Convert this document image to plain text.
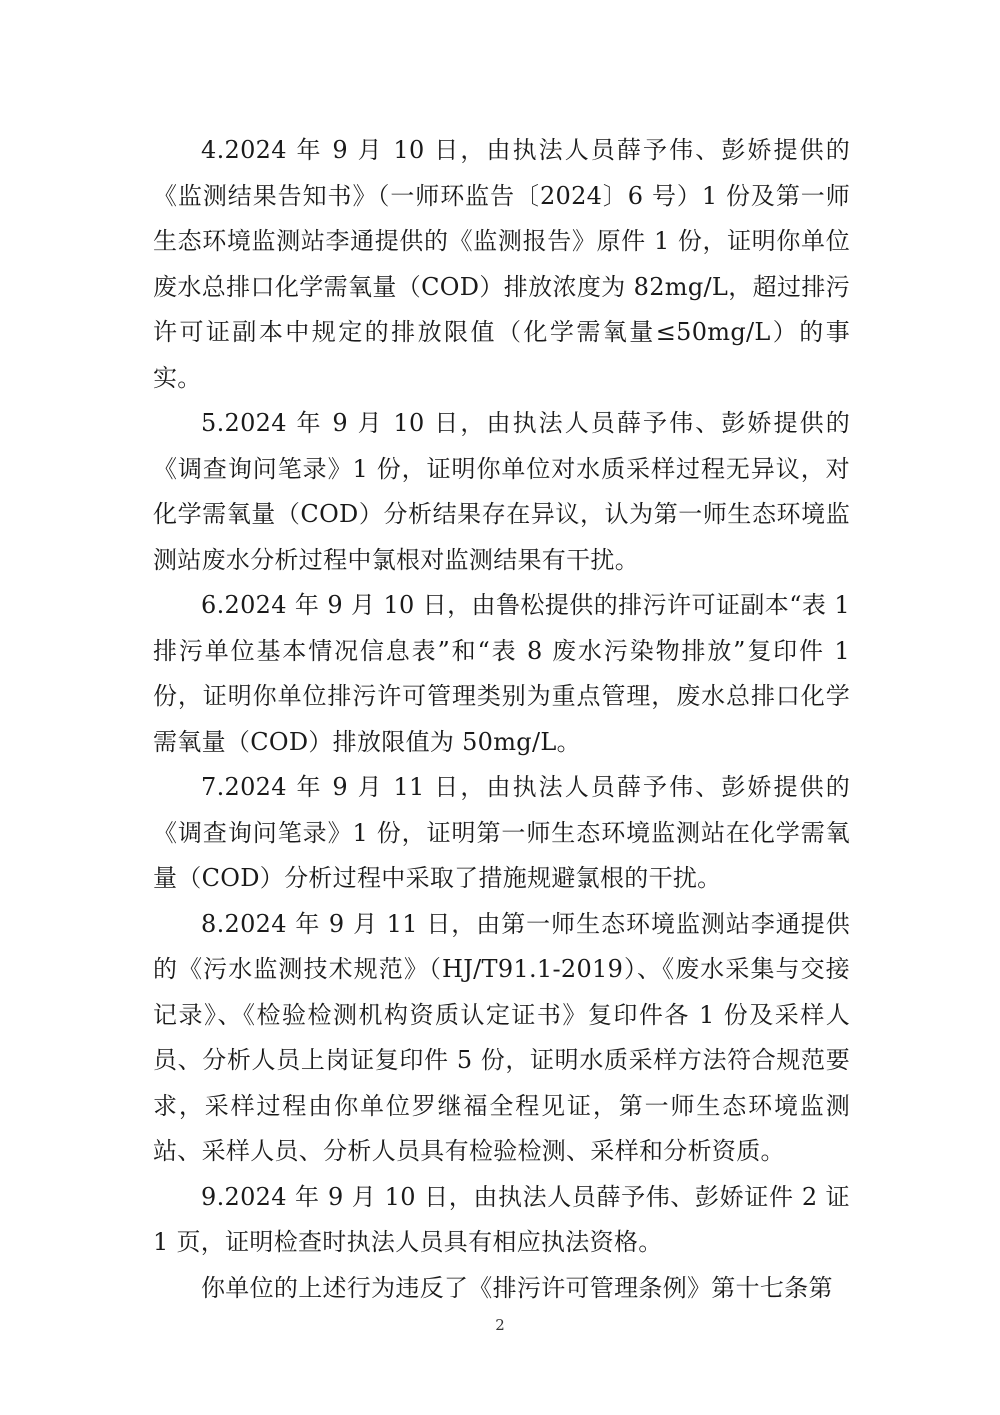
4.2024 年 9 月 10 日，由执法人员薛予伟、彭娇提供的《监测结果告知书》（一师环监告〔2024〕6 号）1 份及第一师生态环境监测站李通提供的《监测报告》原件 1 份，证明你单位废水总排口化学需氧量（COD）排放浓度为 82mg/L，超过排污许可证副本中规定的排放限值（化学需氧量≤50mg/L）的事实。

5.2024 年 9 月 10 日，由执法人员薛予伟、彭娇提供的《调查询问笔录》1 份，证明你单位对水质采样过程无异议，对化学需氧量（COD）分析结果存在异议，认为第一师生态环境监测站废水分析过程中氯根对监测结果有干扰。

6.2024 年 9 月 10 日，由鲁松提供的排污许可证副本“表 1 排污单位基本情况信息表”和“表 8 废水污染物排放”复印件 1 份，证明你单位排污许可管理类别为重点管理，废水总排口化学需氧量（COD）排放限值为 50mg/L。

7.2024 年 9 月 11 日，由执法人员薛予伟、彭娇提供的《调查询问笔录》1 份，证明第一师生态环境监测站在化学需氧量（COD）分析过程中采取了措施规避氯根的干扰。

8.2024 年 9 月 11 日，由第一师生态环境监测站李通提供的《污水监测技术规范》（HJ/T91.1-2019）、《废水采集与交接记录》、《检验检测机构资质认定证书》复印件各 1 份及采样人员、分析人员上岗证复印件 5 份，证明水质采样方法符合规范要求，采样过程由你单位罗继福全程见证，第一师生态环境监测站、采样人员、分析人员具有检验检测、采样和分析资质。

9.2024 年 9 月 10 日，由执法人员薛予伟、彭娇证件 2 证 1 页，证明检查时执法人员具有相应执法资格。

你单位的上述行为违反了《排污许可管理条例》第十七条第

2
